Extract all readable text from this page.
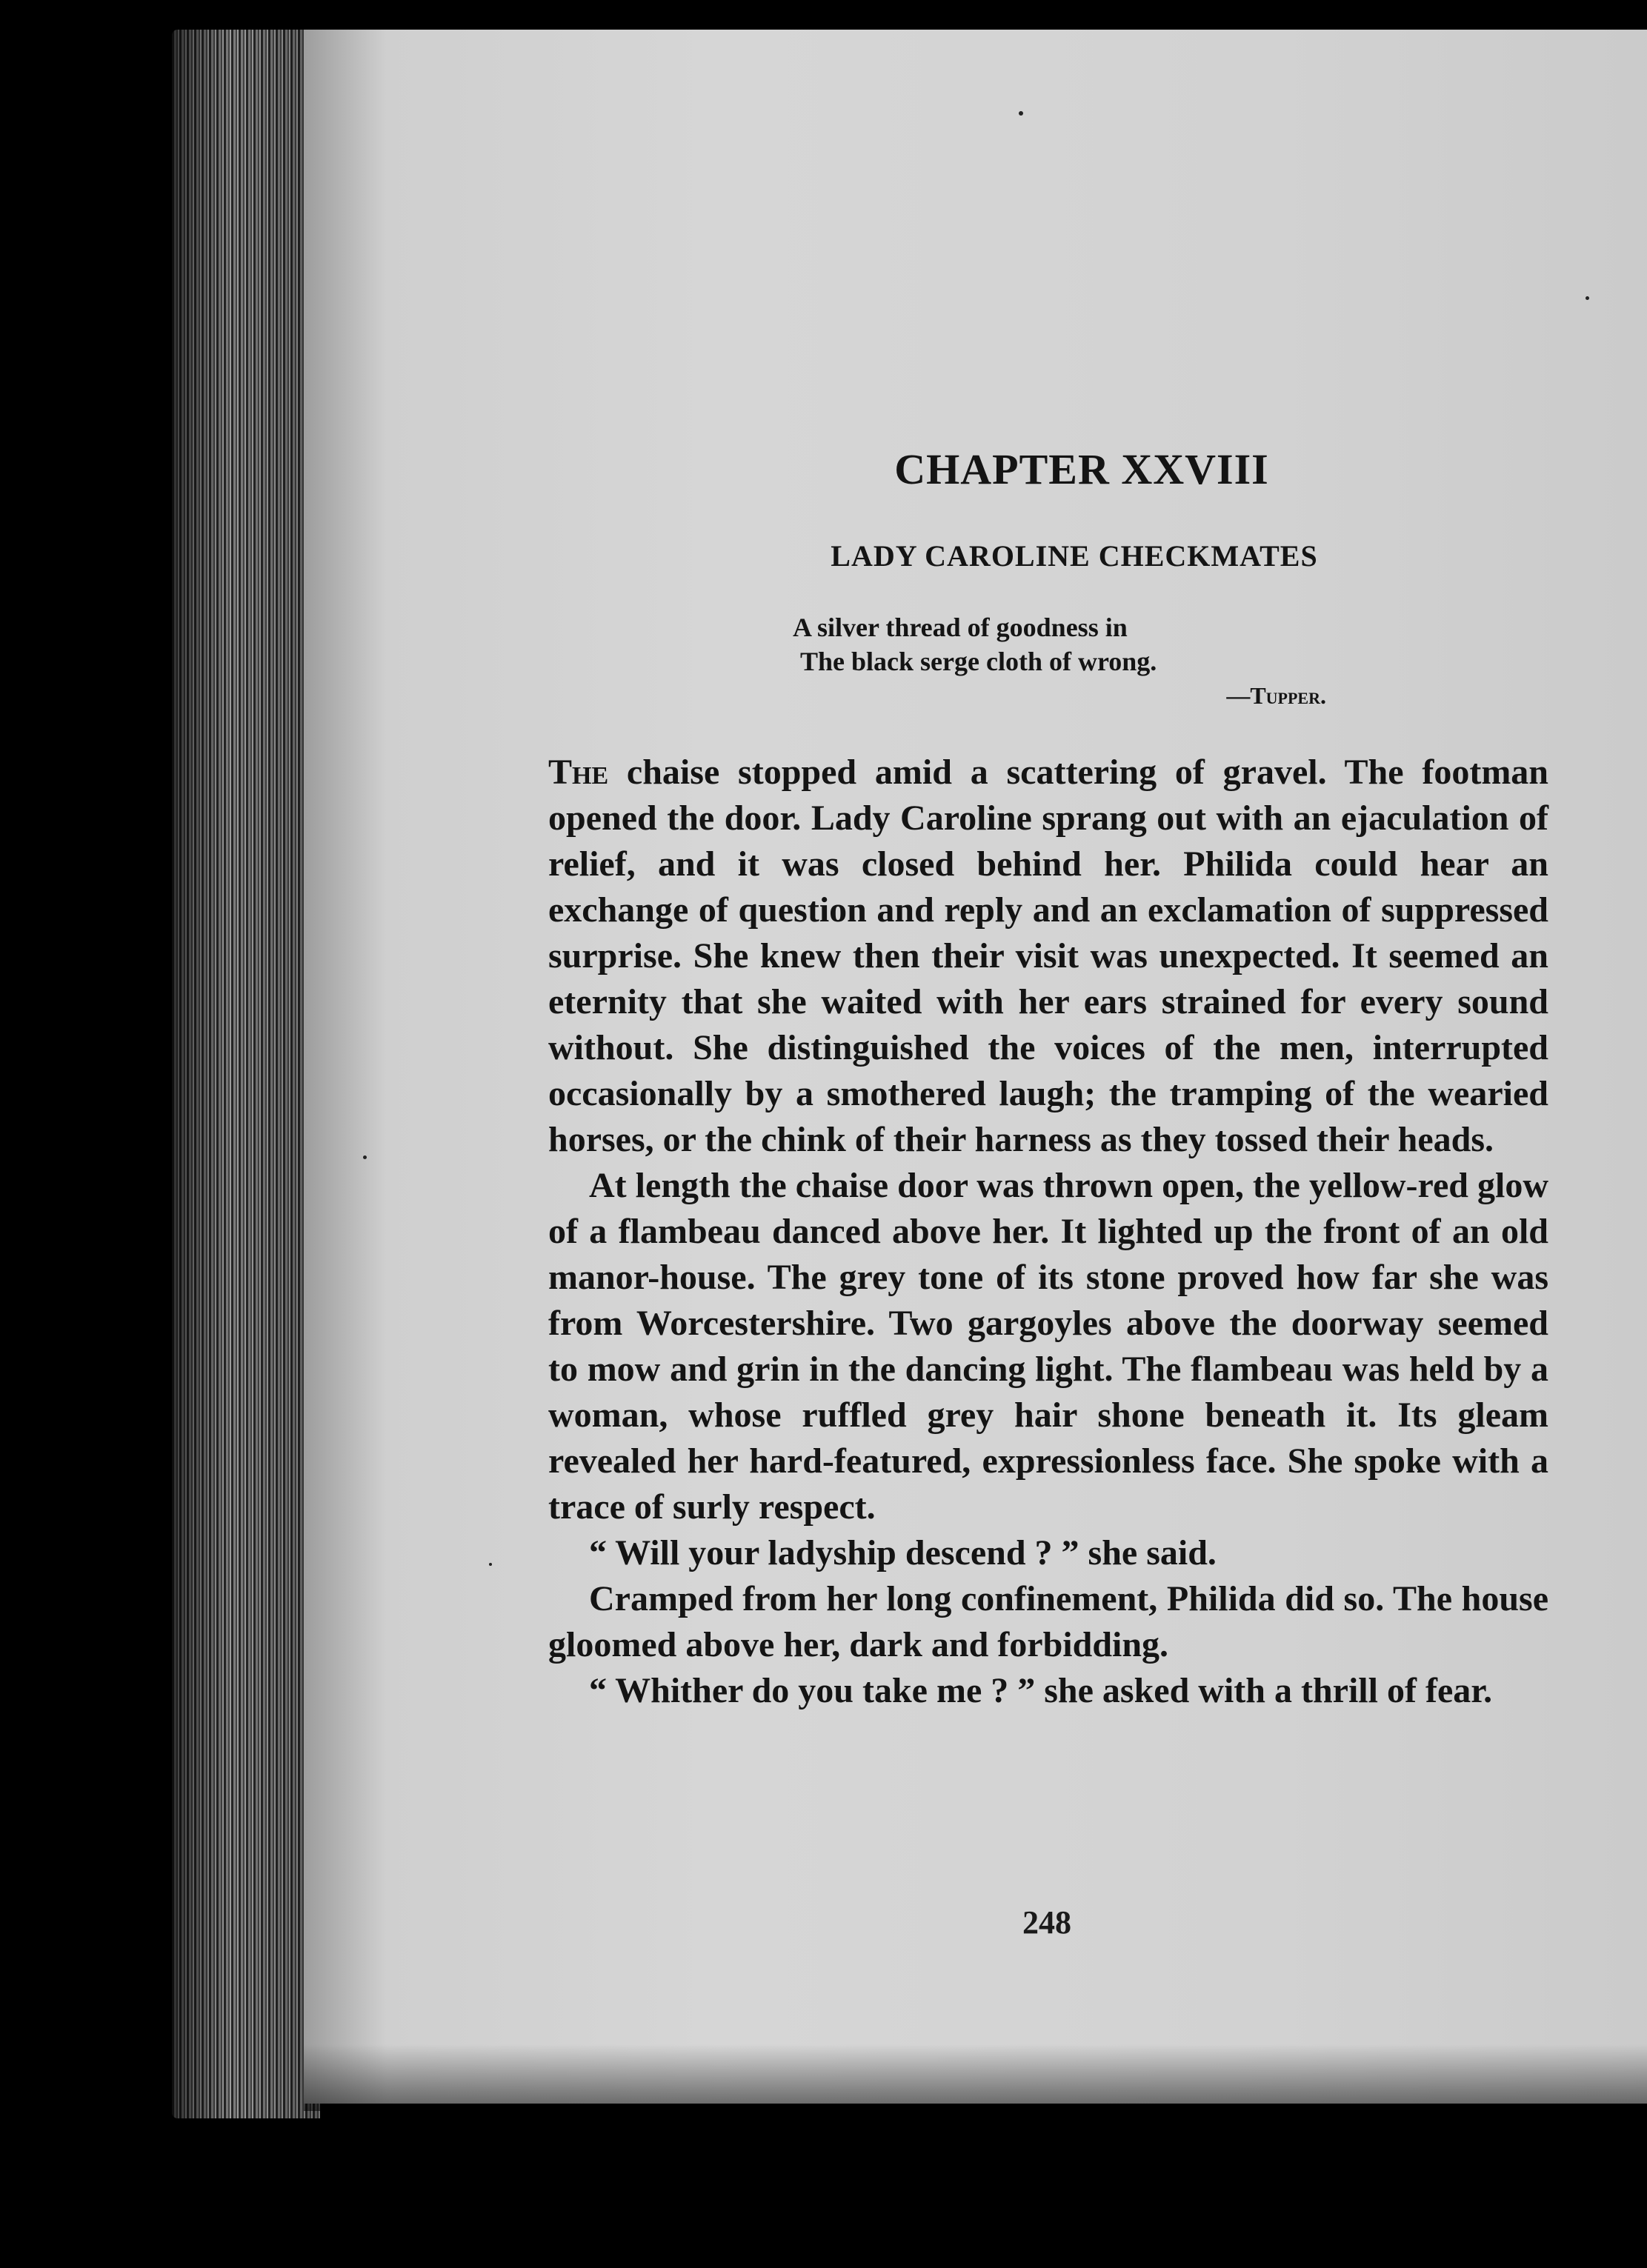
CHAPTER XXVIII
LADY CAROLINE CHECKMATES
A silver thread of goodness in
The black serge cloth of wrong.
—Tupper.

The chaise stopped amid a scattering of gravel. The footman opened the door. Lady Caroline sprang out with an ejaculation of relief, and it was closed behind her. Philida could hear an exchange of question and reply and an exclamation of suppressed surprise. She knew then their visit was unexpected. It seemed an eternity that she waited with her ears strained for every sound without. She distinguished the voices of the men, interrupted occasionally by a smothered laugh; the tramping of the wearied horses, or the chink of their harness as they tossed their heads.

At length the chaise door was thrown open, the yellow-red glow of a flambeau danced above her. It lighted up the front of an old manor-house. The grey tone of its stone proved how far she was from Worcestershire. Two gargoyles above the doorway seemed to mow and grin in the dancing light. The flambeau was held by a woman, whose ruffled grey hair shone beneath it. Its gleam revealed her hard-featured, expressionless face. She spoke with a trace of surly respect.

“ Will your ladyship descend ? ” she said.

Cramped from her long confinement, Philida did so. The house gloomed above her, dark and forbidding.

“ Whither do you take me ? ” she asked with a thrill of fear.

248
